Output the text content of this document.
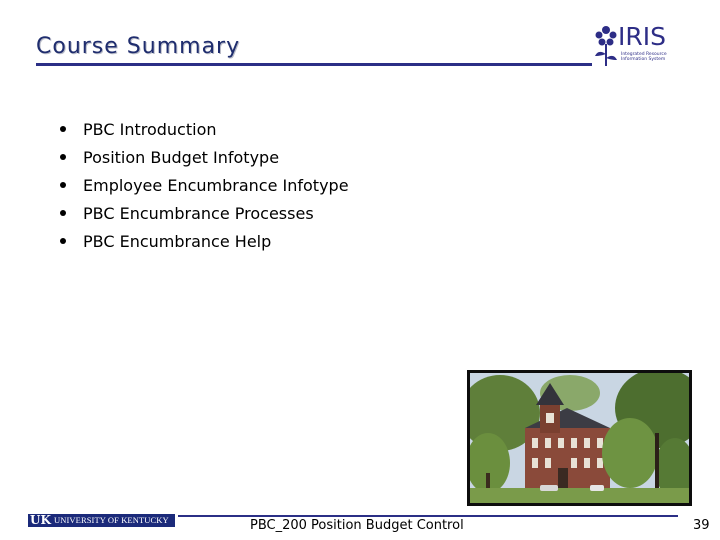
Course Summary	IRIS
Integrated Resource
Information System
PBC Introduction
Position Budget Infotype
Employee Encumbrance Infotype
PBC Encumbrance Processes
PBC Encumbrance Help
UK UNIVERSITY OF KENTUCKY	PBC_200 Position Budget Control	39
